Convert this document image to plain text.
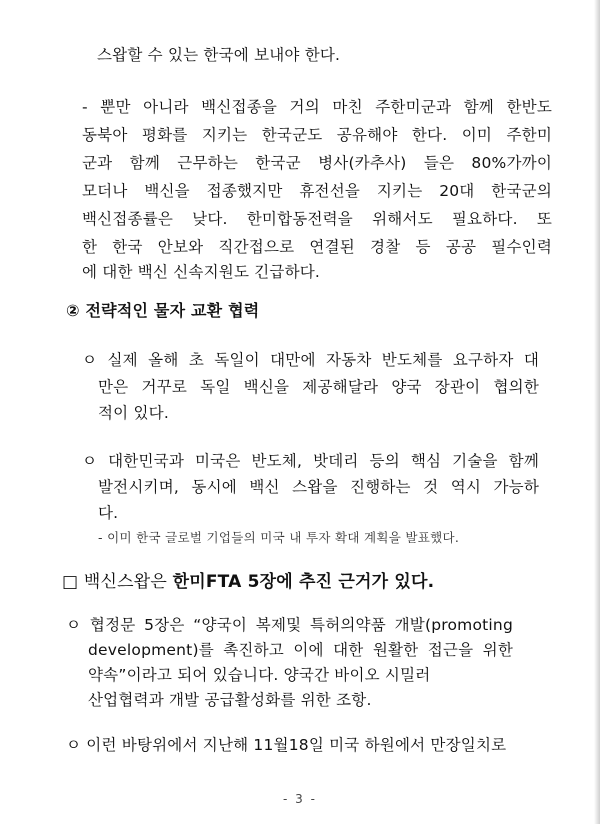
스왑할 수 있는 한국에 보내야 한다.
- 뿐만 아니라 백신접종을 거의 마친 주한미군과 함께 한반도
동북아 평화를 지키는 한국군도 공유해야 한다. 이미 주한미
군과 함께 근무하는 한국군 병사(카추사) 들은 80%가까이
모더나 백신을 접종했지만 휴전선을 지키는 20대 한국군의
백신접종률은 낮다. 한미합동전력을 위해서도 필요하다. 또
한 한국 안보와 직간접으로 연결된 경찰 등 공공 필수인력
에 대한 백신 신속지원도 긴급하다.
② 전략적인 물자 교환 협력
ㅇ 실제 올해 초 독일이 대만에 자동차 반도체를 요구하자 대
만은 거꾸로 독일 백신을 제공해달라 양국 장관이 협의한
적이 있다.
ㅇ 대한민국과 미국은 반도체, 밧데리 등의 핵심 기술을 함께
발전시키며, 동시에 백신 스왑을 진행하는 것 역시 가능하
다.
- 이미 한국 글로벌 기업들의 미국 내 투자 확대 계획을 발표했다.
□ 백신스왑은 한미FTA 5장에 추진 근거가 있다.
ㅇ 협정문 5장은 “양국이 복제및 특허의약품 개발(promoting
development)를 촉진하고 이에 대한 원활한 접근을 위한
약속”이라고 되어 있습니다. 양국간 바이오 시밀러
산업협력과 개발 공급활성화를 위한 조항.
ㅇ 이런 바탕위에서 지난해 11월18일 미국 하원에서 만장일치로
- 3 -
